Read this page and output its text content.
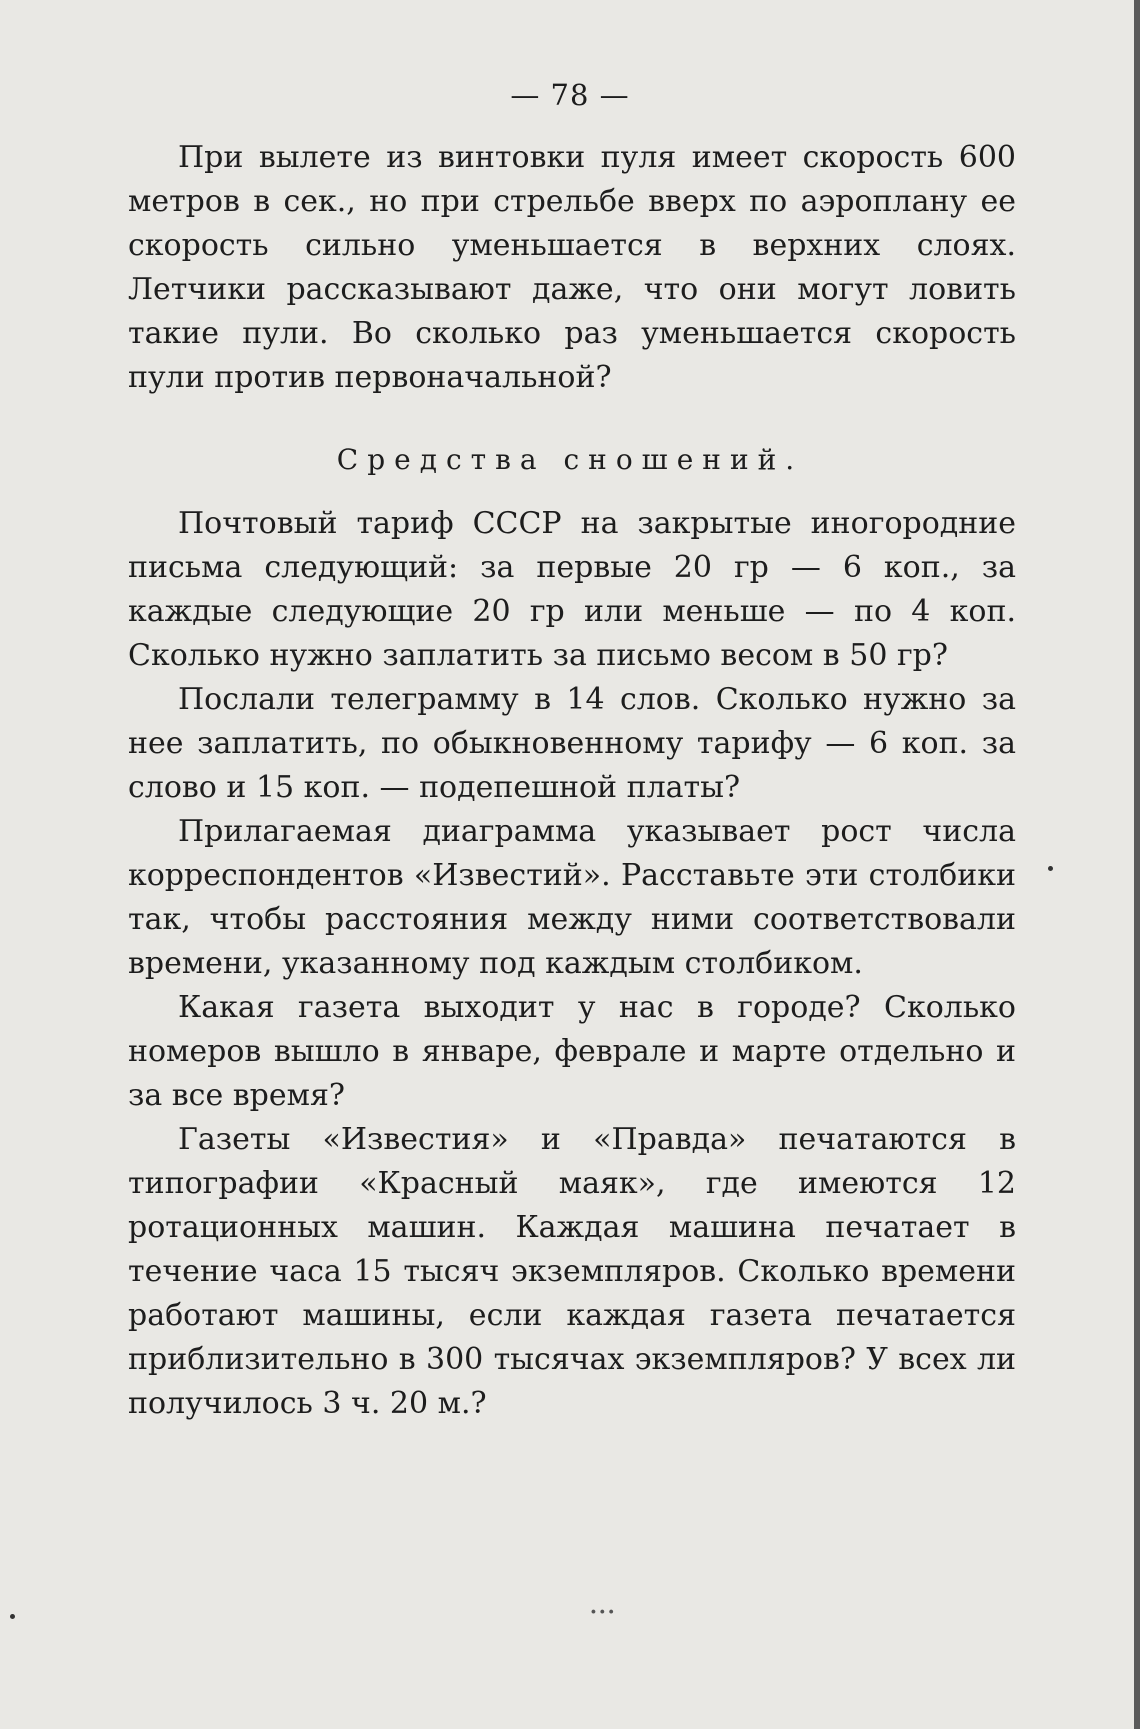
— 78 —

При вылете из винтовки пуля имеет скорость 600 метров в сек., но при стрельбе вверх по аэроплану ее скорость сильно уменьшается в верхних слоях. Летчики рассказывают даже, что они могут ловить такие пули. Во сколько раз уменьшается скорость пули против первоначальной?

Средства сношений.

Почтовый тариф СССР на закрытые иногородние письма следующий: за первые 20 гр — 6 коп., за каждые следующие 20 гр или меньше — по 4 коп. Сколько нужно заплатить за письмо весом в 50 гр?

Послали телеграмму в 14 слов. Сколько нужно за нее заплатить, по обыкновенному тарифу — 6 коп. за слово и 15 коп. — подепешной платы?

Прилагаемая диаграмма указывает рост числа корреспондентов «Известий». Расставьте эти столбики так, чтобы расстояния между ними соответствовали времени, указанному под каждым столбиком.

Какая газета выходит у нас в городе? Сколько номеров вышло в январе, феврале и марте отдельно и за все время?

Газеты «Известия» и «Правда» печатаются в типографии «Красный маяк», где имеются 12 ротационных машин. Каждая машина печатает в течение часа 15 тысяч экземпляров. Сколько времени работают машины, если каждая газета печатается приблизительно в 300 тысячах экземпляров? У всех ли получилось 3 ч. 20 м.?

∙∙∙
